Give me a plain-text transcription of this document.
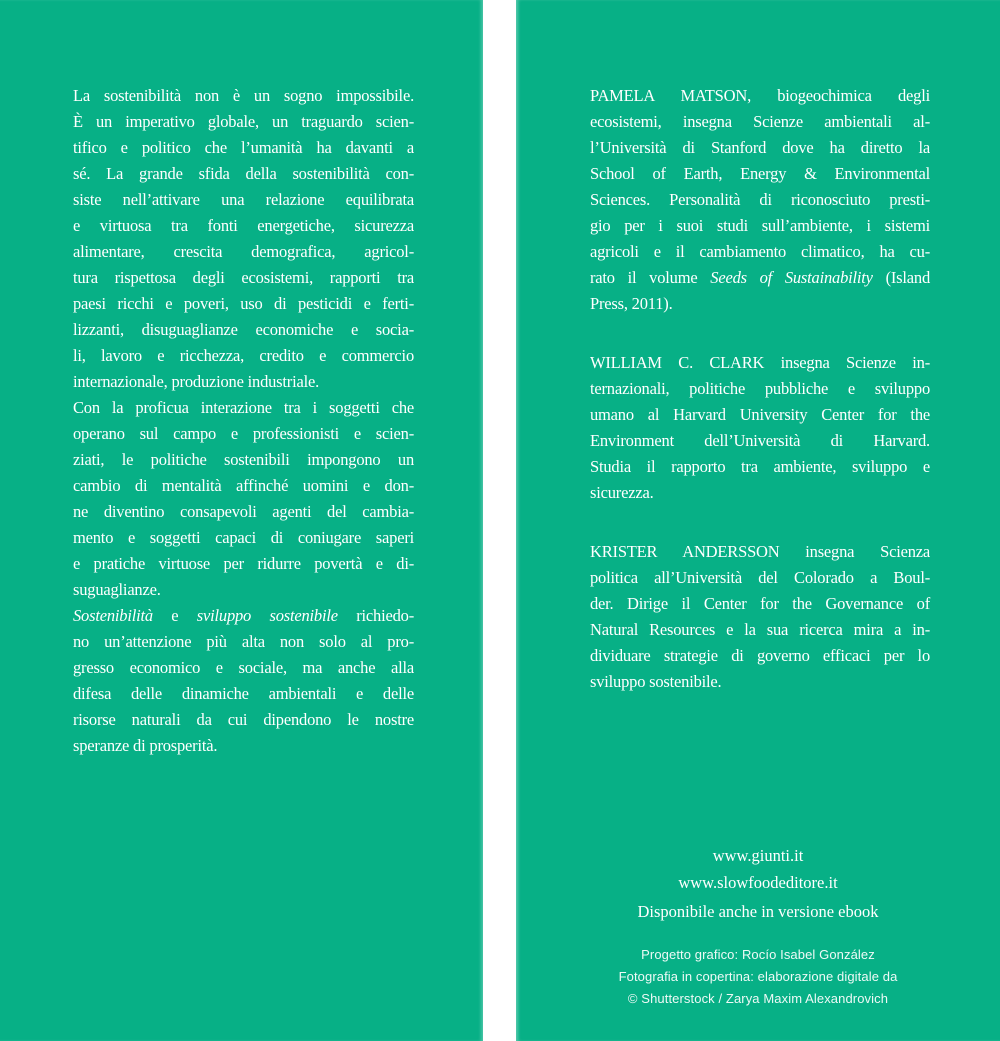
La sostenibilità non è un sogno impossibile.
È un imperativo globale, un traguardo scien-
tifico e politico che l’umanità ha davanti a
sé. La grande sfida della sostenibilità con-
siste nell’attivare una relazione equilibrata
e virtuosa tra fonti energetiche, sicurezza
alimentare, crescita demografica, agricol-
tura rispettosa degli ecosistemi, rapporti tra
paesi ricchi e poveri, uso di pesticidi e ferti-
lizzanti, disuguaglianze economiche e socia-
li, lavoro e ricchezza, credito e commercio
internazionale, produzione industriale.
Con la proficua interazione tra i soggetti che
operano sul campo e professionisti e scien-
ziati, le politiche sostenibili impongono un
cambio di mentalità affinché uomini e don-
ne diventino consapevoli agenti del cambia-
mento e soggetti capaci di coniugare saperi
e pratiche virtuose per ridurre povertà e di-
suguaglianze.
Sostenibilità e sviluppo sostenibile richiedo-
no un’attenzione più alta non solo al pro-
gresso economico e sociale, ma anche alla
difesa delle dinamiche ambientali e delle
risorse naturali da cui dipendono le nostre
speranze di prosperità.
PAMELA MATSON, biogeochimica degli
ecosistemi, insegna Scienze ambientali al-
l’Università di Stanford dove ha diretto la
School of Earth, Energy & Environmental
Sciences. Personalità di riconosciuto presti-
gio per i suoi studi sull’ambiente, i sistemi
agricoli e il cambiamento climatico, ha cu-
rato il volume Seeds of Sustainability (Island
Press, 2011).
WILLIAM C. CLARK insegna Scienze in-
ternazionali, politiche pubbliche e sviluppo
umano al Harvard University Center for the
Environment dell’Università di Harvard.
Studia il rapporto tra ambiente, sviluppo e
sicurezza.
KRISTER ANDERSSON insegna Scienza
politica all’Università del Colorado a Boul-
der. Dirige il Center for the Governance of
Natural Resources e la sua ricerca mira a in-
dividuare strategie di governo efficaci per lo
sviluppo sostenibile.
www.giunti.it
www.slowfoodeditore.it
Disponibile anche in versione ebook
Progetto grafico: Rocío Isabel González
Fotografia in copertina: elaborazione digitale da
© Shutterstock / Zarya Maxim Alexandrovich
